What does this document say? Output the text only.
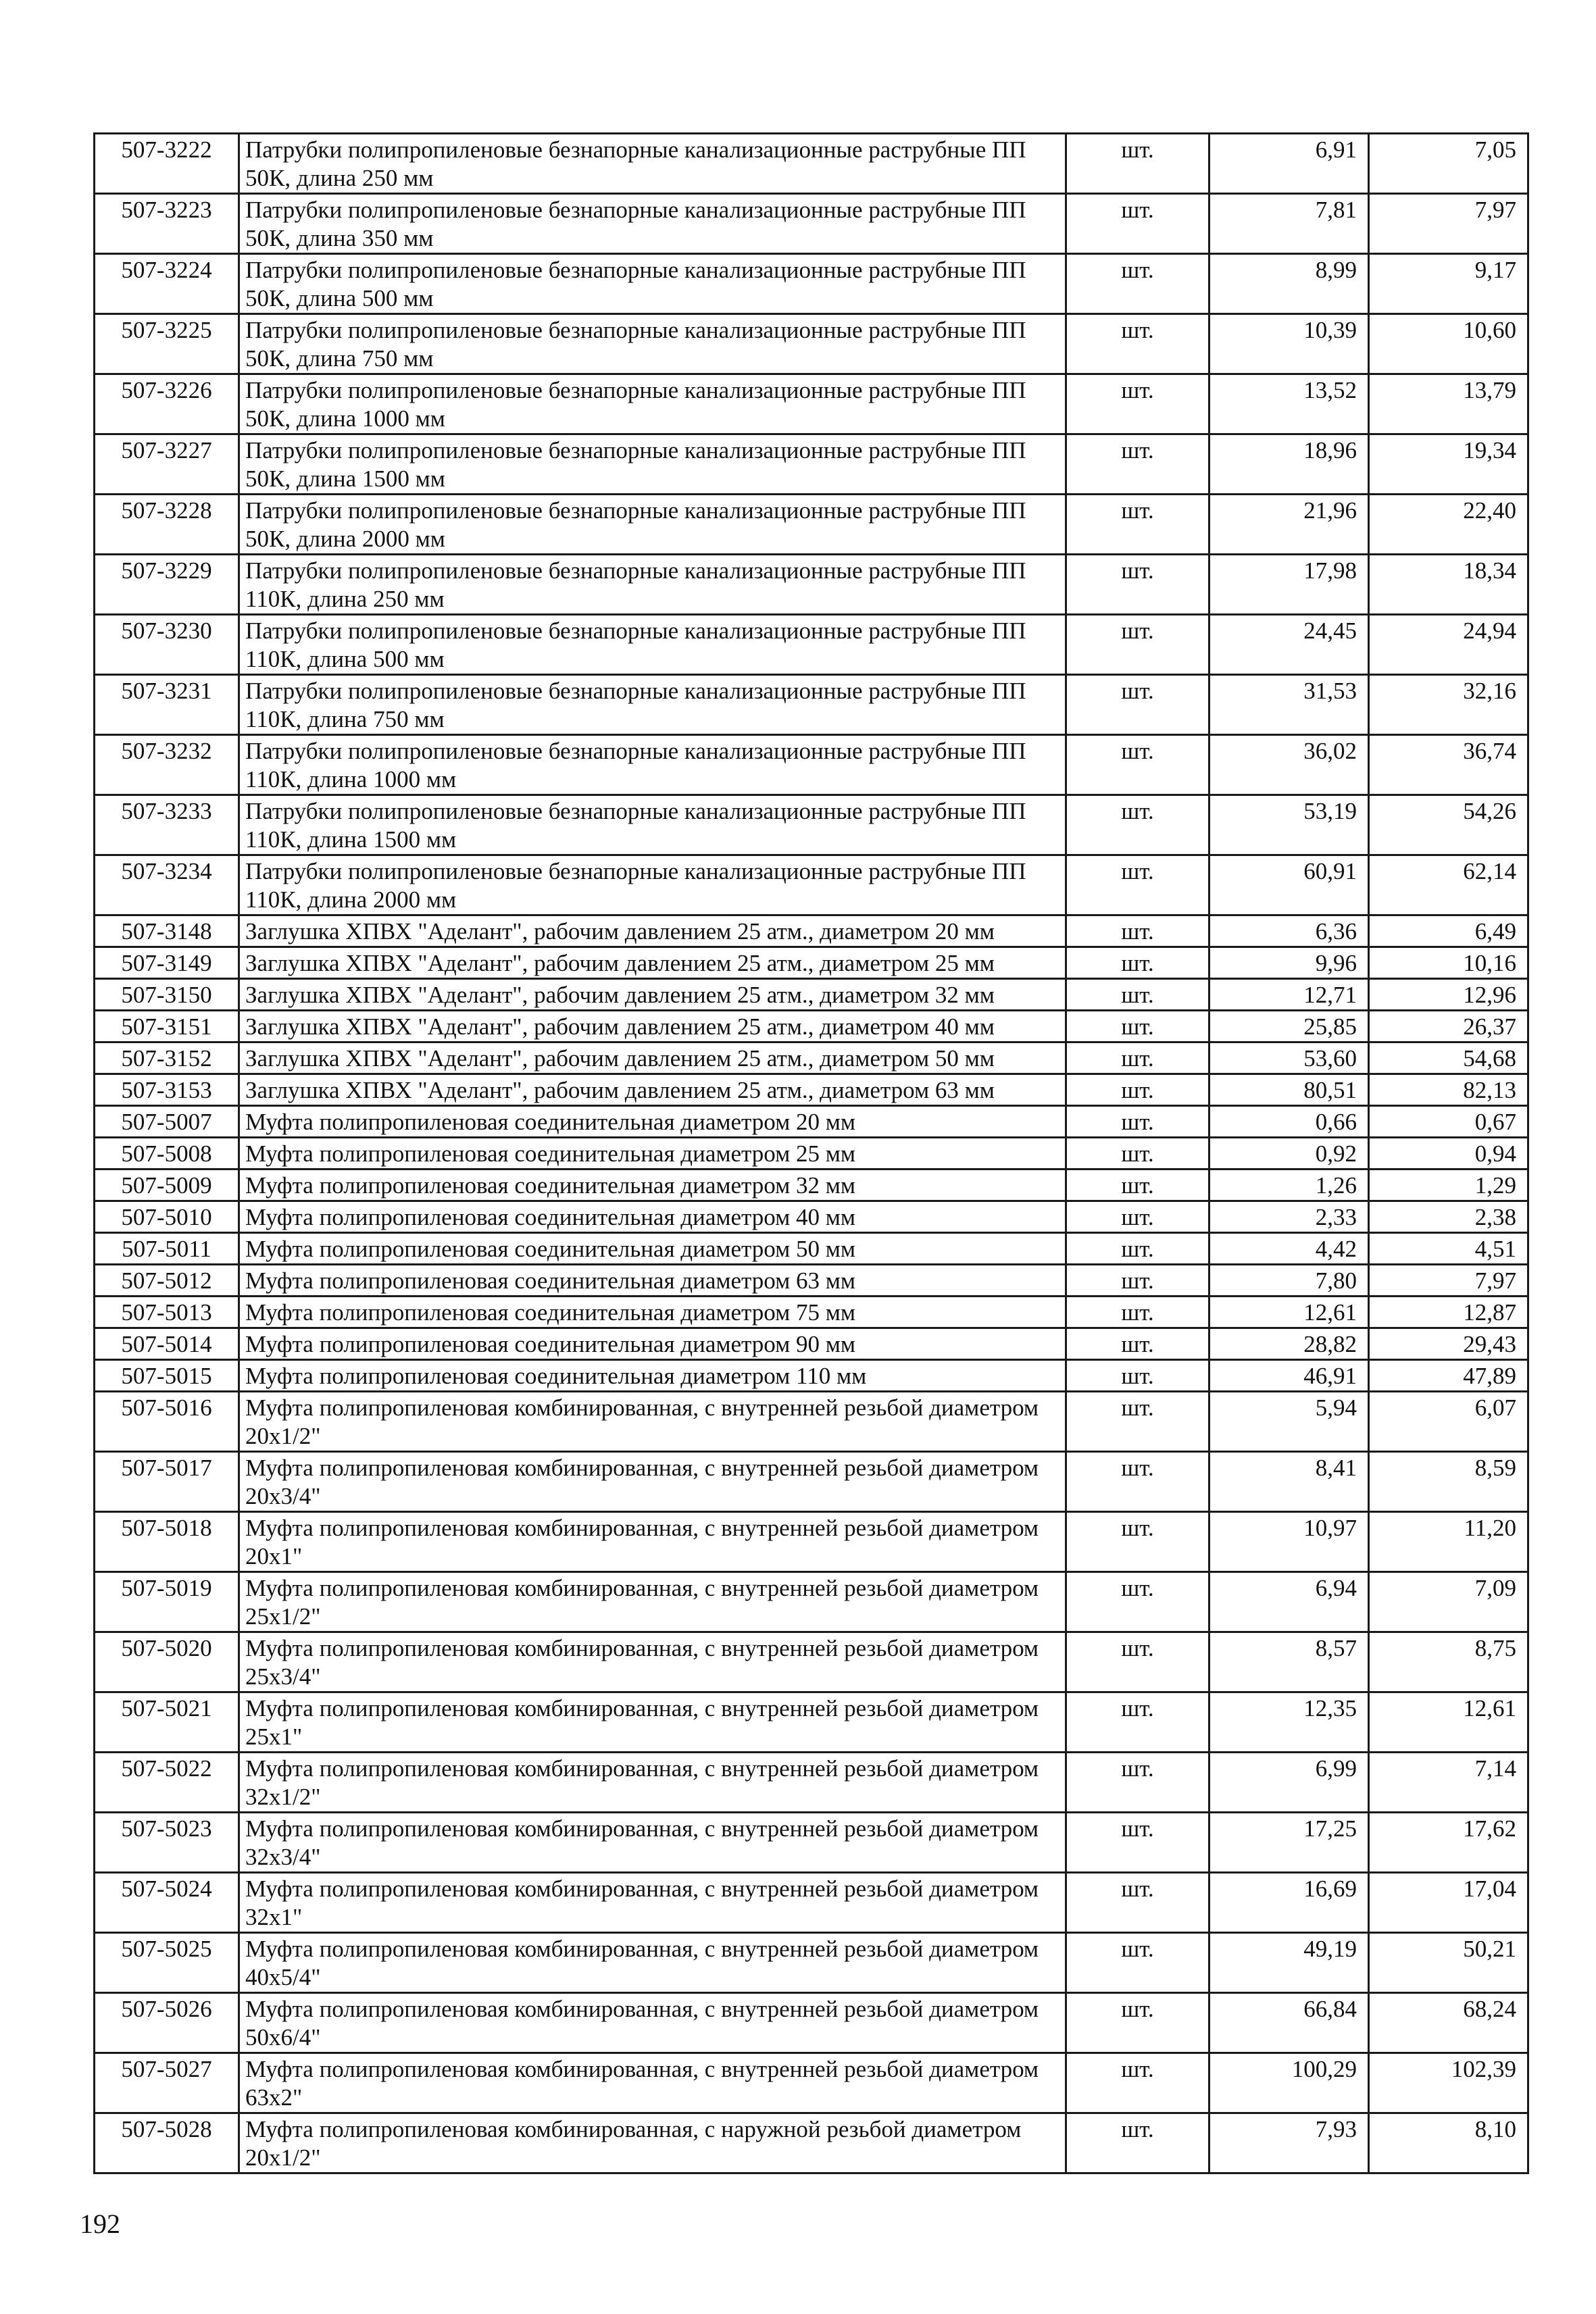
507-3222	Патрубки полипропиленовые безнапорные канализационные раструбные ПП 50К, длина 250 мм	шт.	6,91	7,05
507-3223	Патрубки полипропиленовые безнапорные канализационные раструбные ПП 50К, длина 350 мм	шт.	7,81	7,97
507-3224	Патрубки полипропиленовые безнапорные канализационные раструбные ПП 50К, длина 500 мм	шт.	8,99	9,17
507-3225	Патрубки полипропиленовые безнапорные канализационные раструбные ПП 50К, длина 750 мм	шт.	10,39	10,60
507-3226	Патрубки полипропиленовые безнапорные канализационные раструбные ПП 50К, длина 1000 мм	шт.	13,52	13,79
507-3227	Патрубки полипропиленовые безнапорные канализационные раструбные ПП 50К, длина 1500 мм	шт.	18,96	19,34
507-3228	Патрубки полипропиленовые безнапорные канализационные раструбные ПП 50К, длина 2000 мм	шт.	21,96	22,40
507-3229	Патрубки полипропиленовые безнапорные канализационные раструбные ПП 110К, длина 250 мм	шт.	17,98	18,34
507-3230	Патрубки полипропиленовые безнапорные канализационные раструбные ПП 110К, длина 500 мм	шт.	24,45	24,94
507-3231	Патрубки полипропиленовые безнапорные канализационные раструбные ПП 110К, длина 750 мм	шт.	31,53	32,16
507-3232	Патрубки полипропиленовые безнапорные канализационные раструбные ПП 110К, длина 1000 мм	шт.	36,02	36,74
507-3233	Патрубки полипропиленовые безнапорные канализационные раструбные ПП 110К, длина 1500 мм	шт.	53,19	54,26
507-3234	Патрубки полипропиленовые безнапорные канализационные раструбные ПП 110К, длина 2000 мм	шт.	60,91	62,14
507-3148	Заглушка ХПВХ "Аделант", рабочим давлением 25 атм., диаметром 20 мм	шт.	6,36	6,49
507-3149	Заглушка ХПВХ "Аделант", рабочим давлением 25 атм., диаметром 25 мм	шт.	9,96	10,16
507-3150	Заглушка ХПВХ "Аделант", рабочим давлением 25 атм., диаметром 32 мм	шт.	12,71	12,96
507-3151	Заглушка ХПВХ "Аделант", рабочим давлением 25 атм., диаметром 40 мм	шт.	25,85	26,37
507-3152	Заглушка ХПВХ "Аделант", рабочим давлением 25 атм., диаметром 50 мм	шт.	53,60	54,68
507-3153	Заглушка ХПВХ "Аделант", рабочим давлением 25 атм., диаметром 63 мм	шт.	80,51	82,13
507-5007	Муфта полипропиленовая соединительная диаметром 20 мм	шт.	0,66	0,67
507-5008	Муфта полипропиленовая соединительная диаметром 25 мм	шт.	0,92	0,94
507-5009	Муфта полипропиленовая соединительная диаметром 32 мм	шт.	1,26	1,29
507-5010	Муфта полипропиленовая соединительная диаметром 40 мм	шт.	2,33	2,38
507-5011	Муфта полипропиленовая соединительная диаметром 50 мм	шт.	4,42	4,51
507-5012	Муфта полипропиленовая соединительная диаметром 63 мм	шт.	7,80	7,97
507-5013	Муфта полипропиленовая соединительная диаметром 75 мм	шт.	12,61	12,87
507-5014	Муфта полипропиленовая соединительная диаметром 90 мм	шт.	28,82	29,43
507-5015	Муфта полипропиленовая соединительная диаметром 110 мм	шт.	46,91	47,89
507-5016	Муфта полипропиленовая комбинированная, с внутренней резьбой диаметром 20х1/2"	шт.	5,94	6,07
507-5017	Муфта полипропиленовая комбинированная, с внутренней резьбой диаметром 20х3/4"	шт.	8,41	8,59
507-5018	Муфта полипропиленовая комбинированная, с внутренней резьбой диаметром 20х1"	шт.	10,97	11,20
507-5019	Муфта полипропиленовая комбинированная, с внутренней резьбой диаметром 25х1/2"	шт.	6,94	7,09
507-5020	Муфта полипропиленовая комбинированная, с внутренней резьбой диаметром 25х3/4"	шт.	8,57	8,75
507-5021	Муфта полипропиленовая комбинированная, с внутренней резьбой диаметром 25х1"	шт.	12,35	12,61
507-5022	Муфта полипропиленовая комбинированная, с внутренней резьбой диаметром 32х1/2"	шт.	6,99	7,14
507-5023	Муфта полипропиленовая комбинированная, с внутренней резьбой диаметром 32х3/4"	шт.	17,25	17,62
507-5024	Муфта полипропиленовая комбинированная, с внутренней резьбой диаметром 32х1"	шт.	16,69	17,04
507-5025	Муфта полипропиленовая комбинированная, с внутренней резьбой диаметром 40х5/4"	шт.	49,19	50,21
507-5026	Муфта полипропиленовая комбинированная, с внутренней резьбой диаметром 50х6/4"	шт.	66,84	68,24
507-5027	Муфта полипропиленовая комбинированная, с внутренней резьбой диаметром 63х2"	шт.	100,29	102,39
507-5028	Муфта полипропиленовая комбинированная, с наружной резьбой диаметром 20х1/2"	шт.	7,93	8,10
192
